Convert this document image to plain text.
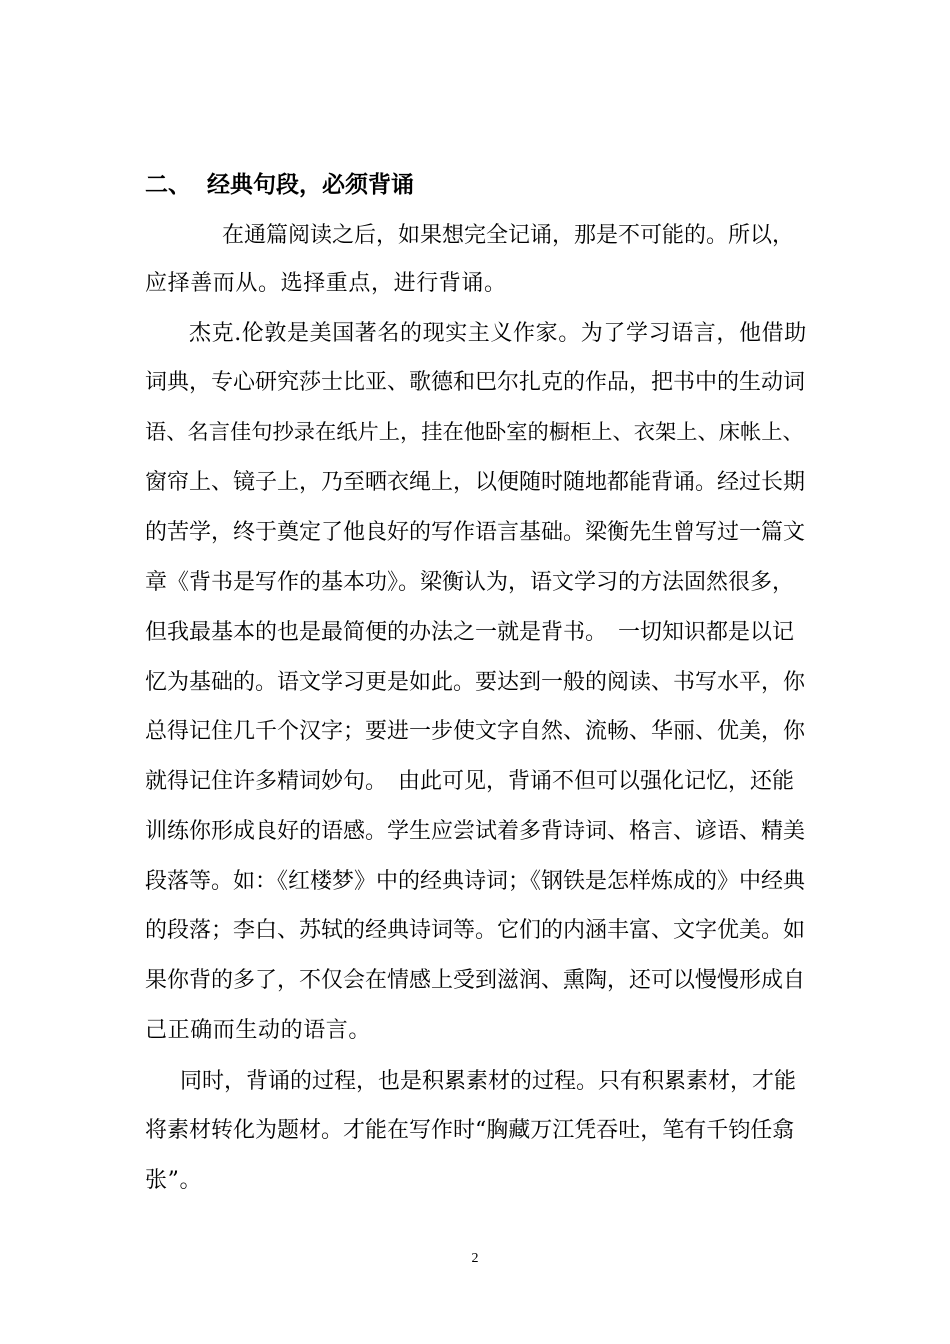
二、 经典句段，必须背诵
在通篇阅读之后，如果想完全记诵，那是不可能的。所以，
应择善而从。选择重点，进行背诵。
杰克.伦敦是美国著名的现实主义作家。为了学习语言，他借助
词典，专心研究莎士比亚、歌德和巴尔扎克的作品，把书中的生动词
语、名言佳句抄录在纸片上，挂在他卧室的橱柜上、衣架上、床帐上、
窗帘上、镜子上，乃至晒衣绳上，以便随时随地都能背诵。经过长期
的苦学，终于奠定了他良好的写作语言基础。梁衡先生曾写过一篇文
章《背书是写作的基本功》。梁衡认为，语文学习的方法固然很多，
但我最基本的也是最简便的办法之一就是背书。　一切知识都是以记
忆为基础的。语文学习更是如此。要达到一般的阅读、书写水平，你
总得记住几千个汉字；要进一步使文字自然、流畅、华丽、优美，你
就得记住许多精词妙句。　由此可见，背诵不但可以强化记忆，还能
训练你形成良好的语感。学生应尝试着多背诗词、格言、谚语、精美
段落等。如：《红楼梦》中的经典诗词；《钢铁是怎样炼成的》中经典
的段落；李白、苏轼的经典诗词等。它们的内涵丰富、文字优美。如
果你背的多了，不仅会在情感上受到滋润、熏陶，还可以慢慢形成自
己正确而生动的语言。
同时，背诵的过程，也是积累素材的过程。只有积累素材，才能
将素材转化为题材。才能在写作时“胸藏万江凭吞吐，笔有千钧任翕
张”。
2
